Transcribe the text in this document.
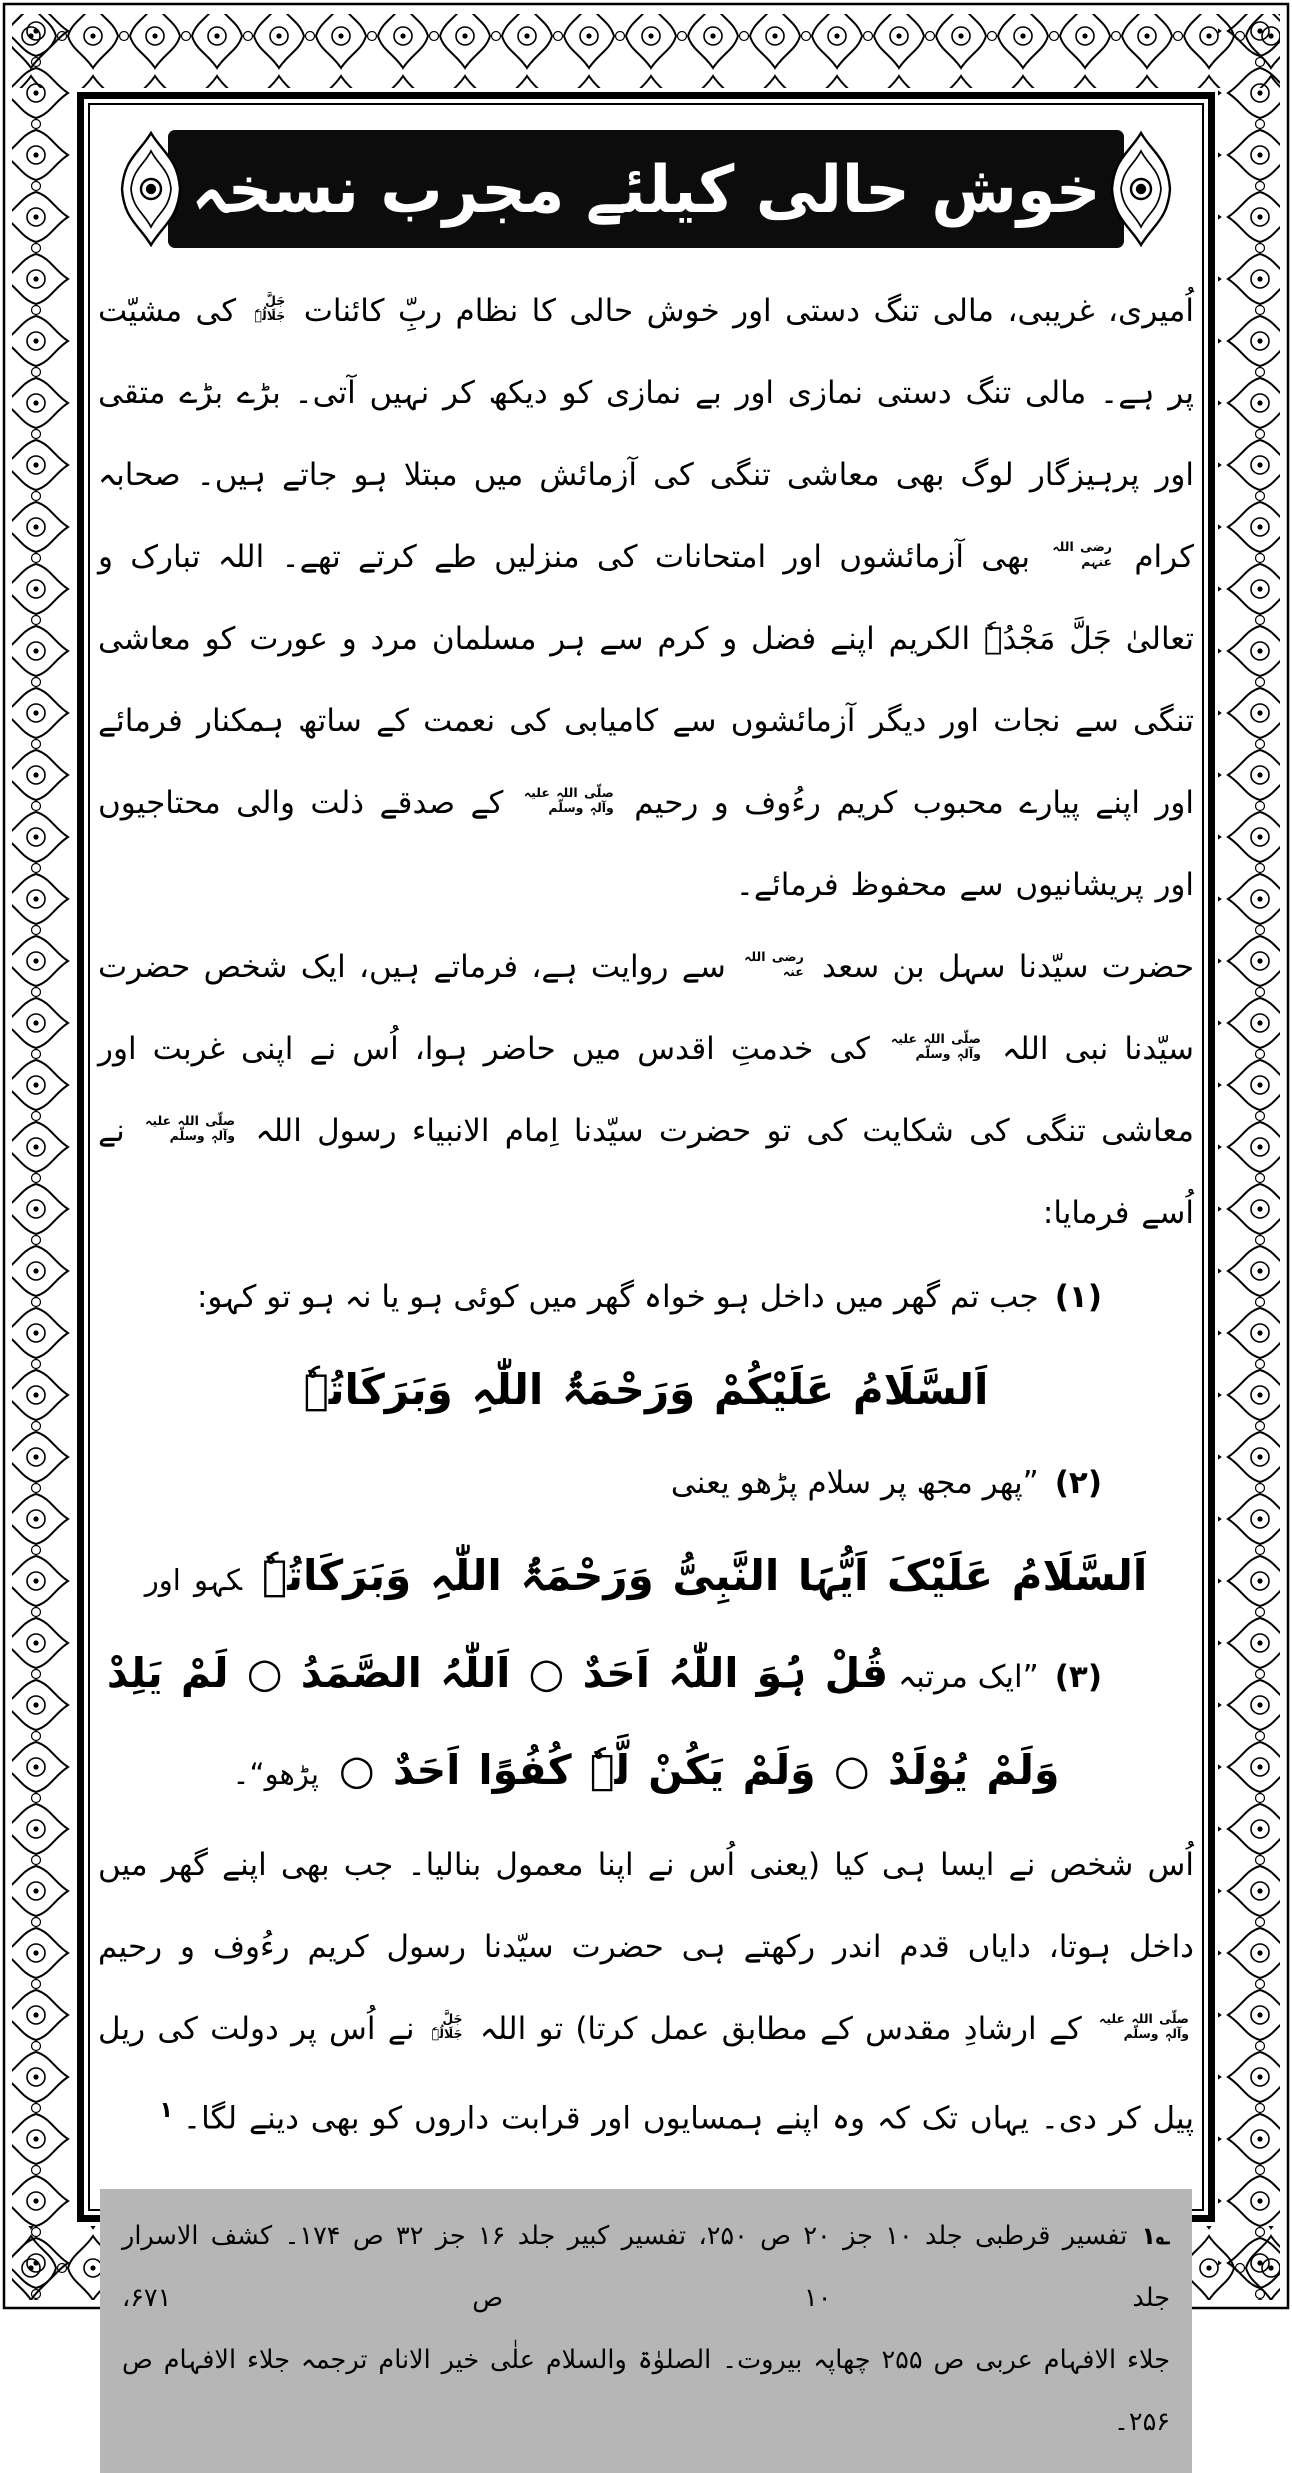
خوش حالی کیلئے مجرب نسخہ

اُمیری، غریبی، مالی تنگ دستی اور خوش حالی کا نظام ربِّ کائنات
جَلَّ
جَلَالُہٗ
کی مشیّت پر ہے۔ مالی تنگ دستی نمازی اور بے نمازی کو دیکھ کر نہیں آتی۔ بڑے بڑے متقی اور پرہیزگار لوگ بھی معاشی تنگی کی آزمائش میں مبتلا ہو جاتے ہیں۔ صحابہ کرام
رضی اللہ
عنہم
بھی آزمائشوں اور امتحانات کی منزلیں طے کرتے تھے۔ اللہ تبارک و تعالیٰ جَلَّ مَجْدُہٗ الکریم اپنے فضل و کرم سے ہر مسلمان مرد و عورت کو معاشی تنگی سے نجات اور دیگر آزمائشوں سے کامیابی کی نعمت کے ساتھ ہمکنار فرمائے اور اپنے پیارے محبوب کریم رءُوف و رحیم
صلّی اللہ علیہ
وآلہٖ وسلّم
کے صدقے ذلت والی محتاجیوں اور پریشانیوں سے محفوظ فرمائے۔

حضرت سیّدنا سہل بن سعد
رضی اللہ
عنہ
سے روایت ہے، فرماتے ہیں، ایک شخص حضرت سیّدنا نبی اللہ
صلّی اللہ علیہ
وآلہٖ وسلّم
کی خدمتِ اقدس میں حاضر ہوا، اُس نے اپنی غربت اور معاشی تنگی کی شکایت کی تو حضرت سیّدنا اِمام الانبیاء رسول اللہ
صلّی اللہ علیہ
وآلہٖ وسلّم
نے اُسے فرمایا:

(۱)جب تم گھر میں داخل ہو خواہ گھر میں کوئی ہو یا نہ ہو تو کہو:
اَلسَّلَامُ عَلَیْکُمْ وَرَحْمَۃُ اللّٰہِ وَبَرَکَاتُہٗ
(۲)”پھر مجھ پر سلام پڑھو یعنی
اَلسَّلَامُ عَلَیْکَ اَیُّہَا النَّبِیُّ وَرَحْمَۃُ اللّٰہِ وَبَرَکَاتُہٗکہو اور
(۳)”ایک مرتبہ قُلْ ہُوَ اللّٰہُ اَحَدٌ ○ اَللّٰہُ الصَّمَدُ ○ لَمْ یَلِدْ
وَلَمْ یُوْلَدْ ○ وَلَمْ یَکُنْ لَّہٗ کُفُوًا اَحَدٌ ○پڑھو“۔

اُس شخص نے ایسا ہی کیا (یعنی اُس نے اپنا معمول بنالیا۔ جب بھی اپنے گھر میں داخل ہوتا، دایاں قدم اندر رکھتے ہی حضرت سیّدنا رسول کریم رءُوف و رحیم
صلّی اللہ علیہ
وآلہٖ وسلّم
کے ارشادِ مقدس کے مطابق عمل کرتا) تو اللہ
جَلَّ
جَلَالُہٗ
نے اُس پر دولت کی ریل پیل کر دی۔ یہاں تک کہ وہ اپنے ہمسایوں اور قرابت داروں کو بھی دینے لگا۔$^۱$

؎۱تفسیر قرطبی جلد ۱۰ جز ۲۰ ص ۲۵۰، تفسیر کبیر جلد ۱۶ جز ۳۲ ص ۱۷۴۔ کشف الاسرار جلد ۱۰ ص ۶۷۱،
جلاء الافہام عربی ص ۲۵۵ چھاپہ بیروت۔ الصلوٰۃ والسلام علٰی خیر الانام ترجمہ جلاء الافہام ص ۲۵۶۔
